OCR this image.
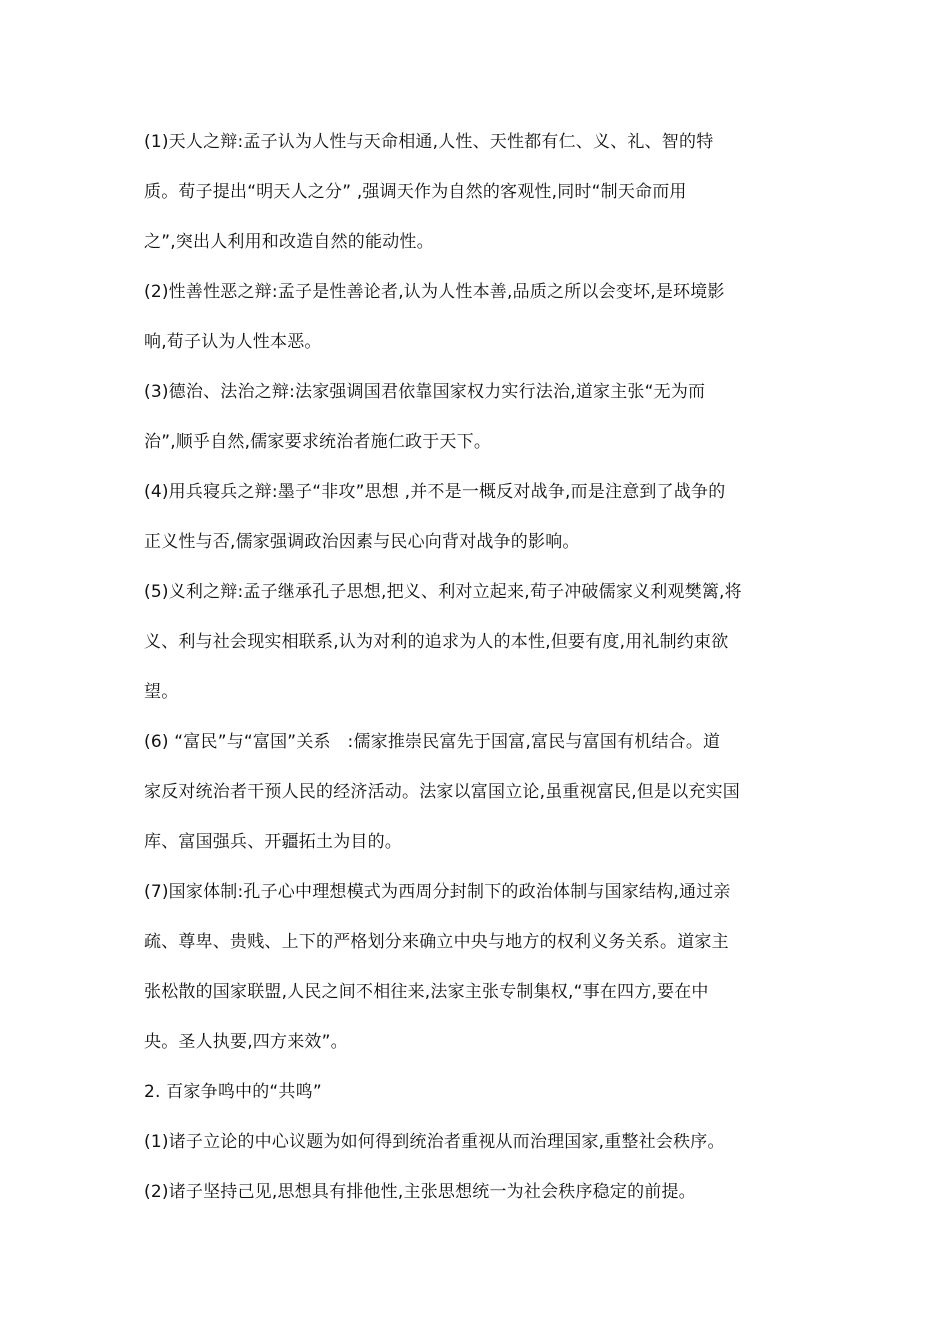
(1)天人之辩:孟子认为人性与天命相通,人性、天性都有仁、义、礼、智的特
质。荀子提出“明天人之分” ,强调天作为自然的客观性,同时“制天命而用
之”,突出人利用和改造自然的能动性。
(2)性善性恶之辩:孟子是性善论者,认为人性本善,品质之所以会变坏,是环境影
响,荀子认为人性本恶。
(3)德治、法治之辩:法家强调国君依靠国家权力实行法治,道家主张“无为而
治”,顺乎自然,儒家要求统治者施仁政于天下。
(4)用兵寝兵之辩:墨子“非攻”思想 ,并不是一概反对战争,而是注意到了战争的
正义性与否,儒家强调政治因素与民心向背对战争的影响。
(5)义利之辩:孟子继承孔子思想,把义、利对立起来,荀子冲破儒家义利观樊篱,将
义、利与社会现实相联系,认为对利的追求为人的本性,但要有度,用礼制约束欲
望。
(6) “富民”与“富国”关系   :儒家推崇民富先于国富,富民与富国有机结合。道
家反对统治者干预人民的经济活动。法家以富国立论,虽重视富民,但是以充实国
库、富国强兵、开疆拓土为目的。
(7)国家体制:孔子心中理想模式为西周分封制下的政治体制与国家结构,通过亲
疏、尊卑、贵贱、上下的严格划分来确立中央与地方的权利义务关系。道家主
张松散的国家联盟,人民之间不相往来,法家主张专制集权,“事在四方,要在中
央。圣人执要,四方来效”。
2. 百家争鸣中的“共鸣”
(1)诸子立论的中心议题为如何得到统治者重视从而治理国家,重整社会秩序。
(2)诸子坚持己见,思想具有排他性,主张思想统一为社会秩序稳定的前提。
